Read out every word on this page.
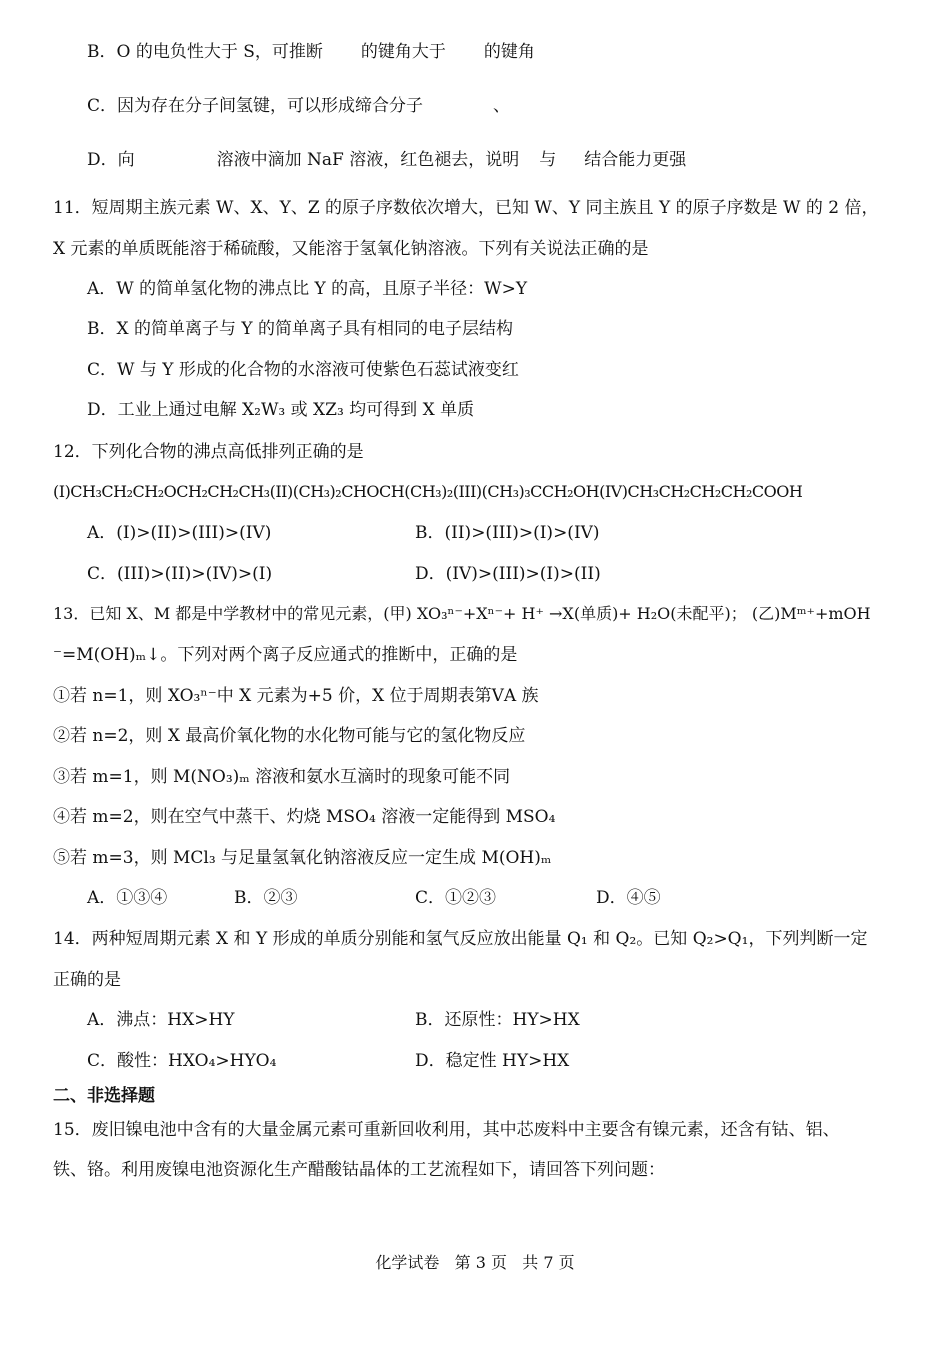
B．O 的电负性大于 S，可推断 的键角大于 的键角
C．因为存在分子间氢键，可以形成缔合分子	、
D．向	溶液中滴加 NaF 溶液，红色褪去，说明 与 结合能力更强
11．短周期主族元素 W、X、Y、Z 的原子序数依次增大，已知 W、Y 同主族且 Y 的原子序数是 W 的 2 倍，
X 元素的单质既能溶于稀硫酸，又能溶于氢氧化钠溶液。下列有关说法正确的是
A．W 的简单氢化物的沸点比 Y 的高，且原子半径：W>Y
B．X 的简单离子与 Y 的简单离子具有相同的电子层结构
C．W 与 Y 形成的化合物的水溶液可使紫色石蕊试液变红
D．工业上通过电解 X₂W₃ 或 XZ₃ 均可得到 X 单质
12．下列化合物的沸点高低排列正确的是
(I)CH₃CH₂CH₂OCH₂CH₂CH₃(II)(CH₃)₂CHOCH(CH₃)₂(III)(CH₃)₃CCH₂OH(IV)CH₃CH₂CH₂CH₂COOH
A．(I)>(II)>(III)>(IV)	B．(II)>(III)>(I)>(IV)
C．(III)>(II)>(IV)>(I)	D．(IV)>(III)>(I)>(II)
13．已知 X、M 都是中学教材中的常见元素，(甲) XO₃ⁿ⁻+Xⁿ⁻+ H⁺ →X(单质)+ H₂O(未配平)； (乙)Mᵐ⁺+mOH
⁻=M(OH)ₘ↓。下列对两个离子反应通式的推断中，正确的是
①若 n=1，则 XO₃ⁿ⁻中 X 元素为+5 价，X 位于周期表第ⅤA 族
②若 n=2，则 X 最高价氧化物的水化物可能与它的氢化物反应
③若 m=1，则 M(NO₃)ₘ 溶液和氨水互滴时的现象可能不同
④若 m=2，则在空气中蒸干、灼烧 MSO₄ 溶液一定能得到 MSO₄
⑤若 m=3，则 MCl₃ 与足量氢氧化钠溶液反应一定生成 M(OH)ₘ
A．①③④	B．②③	C．①②③	D．④⑤
14．两种短周期元素 X 和 Y 形成的单质分别能和氢气反应放出能量 Q₁ 和 Q₂。已知 Q₂>Q₁，下列判断一定
正确的是
A．沸点：HX>HY	B．还原性：HY>HX
C．酸性：HXO₄>HYO₄	D．稳定性 HY>HX
二、非选择题
15．废旧镍电池中含有的大量金属元素可重新回收利用，其中芯废料中主要含有镍元素，还含有钴、铝、
铁、铬。利用废镍电池资源化生产醋酸钴晶体的工艺流程如下，请回答下列问题：
化学试卷   第 3 页   共 7 页
